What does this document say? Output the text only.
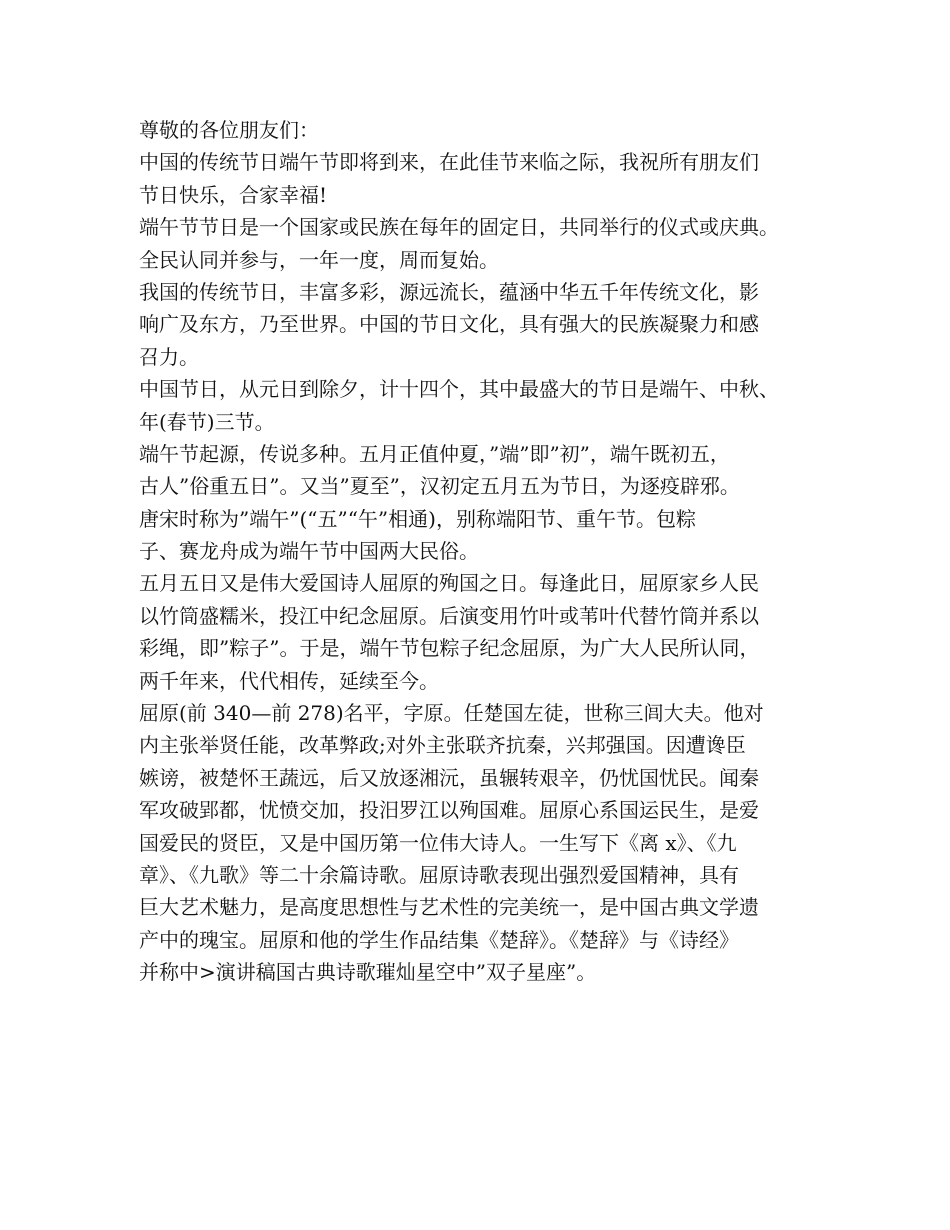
尊敬的各位朋友们：
中国的传统节日端午节即将到来，在此佳节来临之际，我祝所有朋友们
节日快乐，合家幸福!
端午节节日是一个国家或民族在每年的固定日，共同举行的仪式或庆典。
全民认同并参与，一年一度，周而复始。
我国的传统节日，丰富多彩，源远流长，蕴涵中华五千年传统文化，影
响广及东方，乃至世界。中国的节日文化，具有强大的民族凝聚力和感
召力。
中国节日，从元日到除夕，计十四个，其中最盛大的节日是端午、中秋、
年(春节)三节。
端午节起源，传说多种。五月正值仲夏，”端”即”初”，端午既初五，
古人”俗重五日”。又当”夏至”，汉初定五月五为节日，为逐疫辟邪。
唐宋时称为”端午”(“五”“午”相通)，别称端阳节、重午节。包粽
子、赛龙舟成为端午节中国两大民俗。
五月五日又是伟大爱国诗人屈原的殉国之日。每逢此日，屈原家乡人民
以竹筒盛糯米，投江中纪念屈原。后演变用竹叶或苇叶代替竹筒并系以
彩绳，即”粽子”。于是，端午节包粽子纪念屈原，为广大人民所认同，
两千年来，代代相传，延续至今。
屈原(前 340—前 278)名平，字原。任楚国左徒，世称三闾大夫。他对
内主张举贤任能，改革弊政;对外主张联齐抗秦，兴邦强国。因遭谗臣
嫉谤，被楚怀王蔬远，后又放逐湘沅，虽辗转艰辛，仍忧国忧民。闻秦
军攻破郢都，忧愤交加，投汨罗江以殉国难。屈原心系国运民生，是爱
国爱民的贤臣，又是中国历第一位伟大诗人。一生写下《离 x》、《九
章》、《九歌》等二十余篇诗歌。屈原诗歌表现出强烈爱国精神，具有
巨大艺术魅力，是高度思想性与艺术性的完美统一，是中国古典文学遗
产中的瑰宝。屈原和他的学生作品结集《楚辞》。《楚辞》与《诗经》
并称中>演讲稿国古典诗歌璀灿星空中”双子星座”。
